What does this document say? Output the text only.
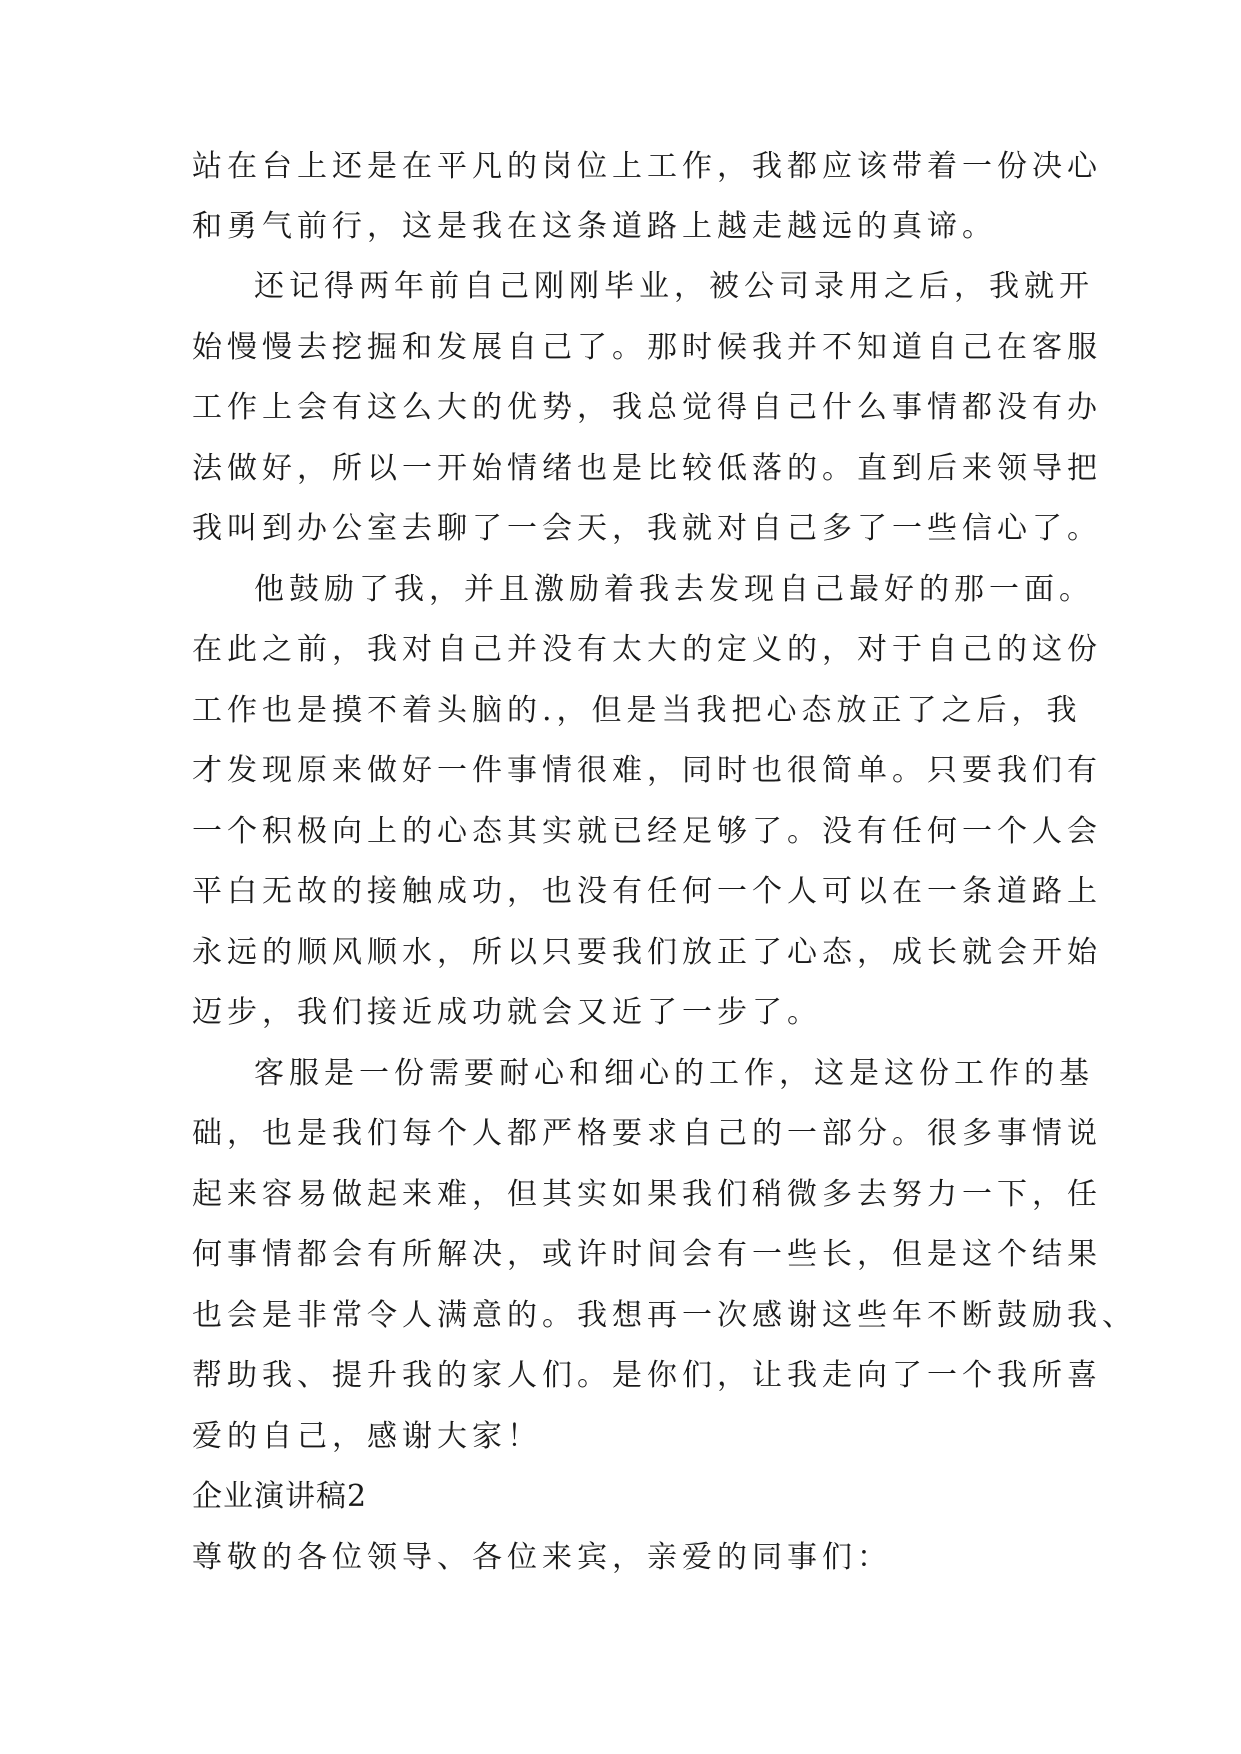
站在台上还是在平凡的岗位上工作，我都应该带着一份决心
和勇气前行，这是我在这条道路上越走越远的真谛。
还记得两年前自己刚刚毕业，被公司录用之后，我就开
始慢慢去挖掘和发展自己了。那时候我并不知道自己在客服
工作上会有这么大的优势，我总觉得自己什么事情都没有办
法做好，所以一开始情绪也是比较低落的。直到后来领导把
我叫到办公室去聊了一会天，我就对自己多了一些信心了。
他鼓励了我，并且激励着我去发现自己最好的那一面。
在此之前，我对自己并没有太大的定义的，对于自己的这份
工作也是摸不着头脑的.，但是当我把心态放正了之后，我
才发现原来做好一件事情很难，同时也很简单。只要我们有
一个积极向上的心态其实就已经足够了。没有任何一个人会
平白无故的接触成功，也没有任何一个人可以在一条道路上
永远的顺风顺水，所以只要我们放正了心态，成长就会开始
迈步，我们接近成功就会又近了一步了。
客服是一份需要耐心和细心的工作，这是这份工作的基
础，也是我们每个人都严格要求自己的一部分。很多事情说
起来容易做起来难，但其实如果我们稍微多去努力一下，任
何事情都会有所解决，或许时间会有一些长，但是这个结果
也会是非常令人满意的。我想再一次感谢这些年不断鼓励我、
帮助我、提升我的家人们。是你们，让我走向了一个我所喜
爱的自己，感谢大家！
企业演讲稿2
尊敬的各位领导、各位来宾，亲爱的同事们：
